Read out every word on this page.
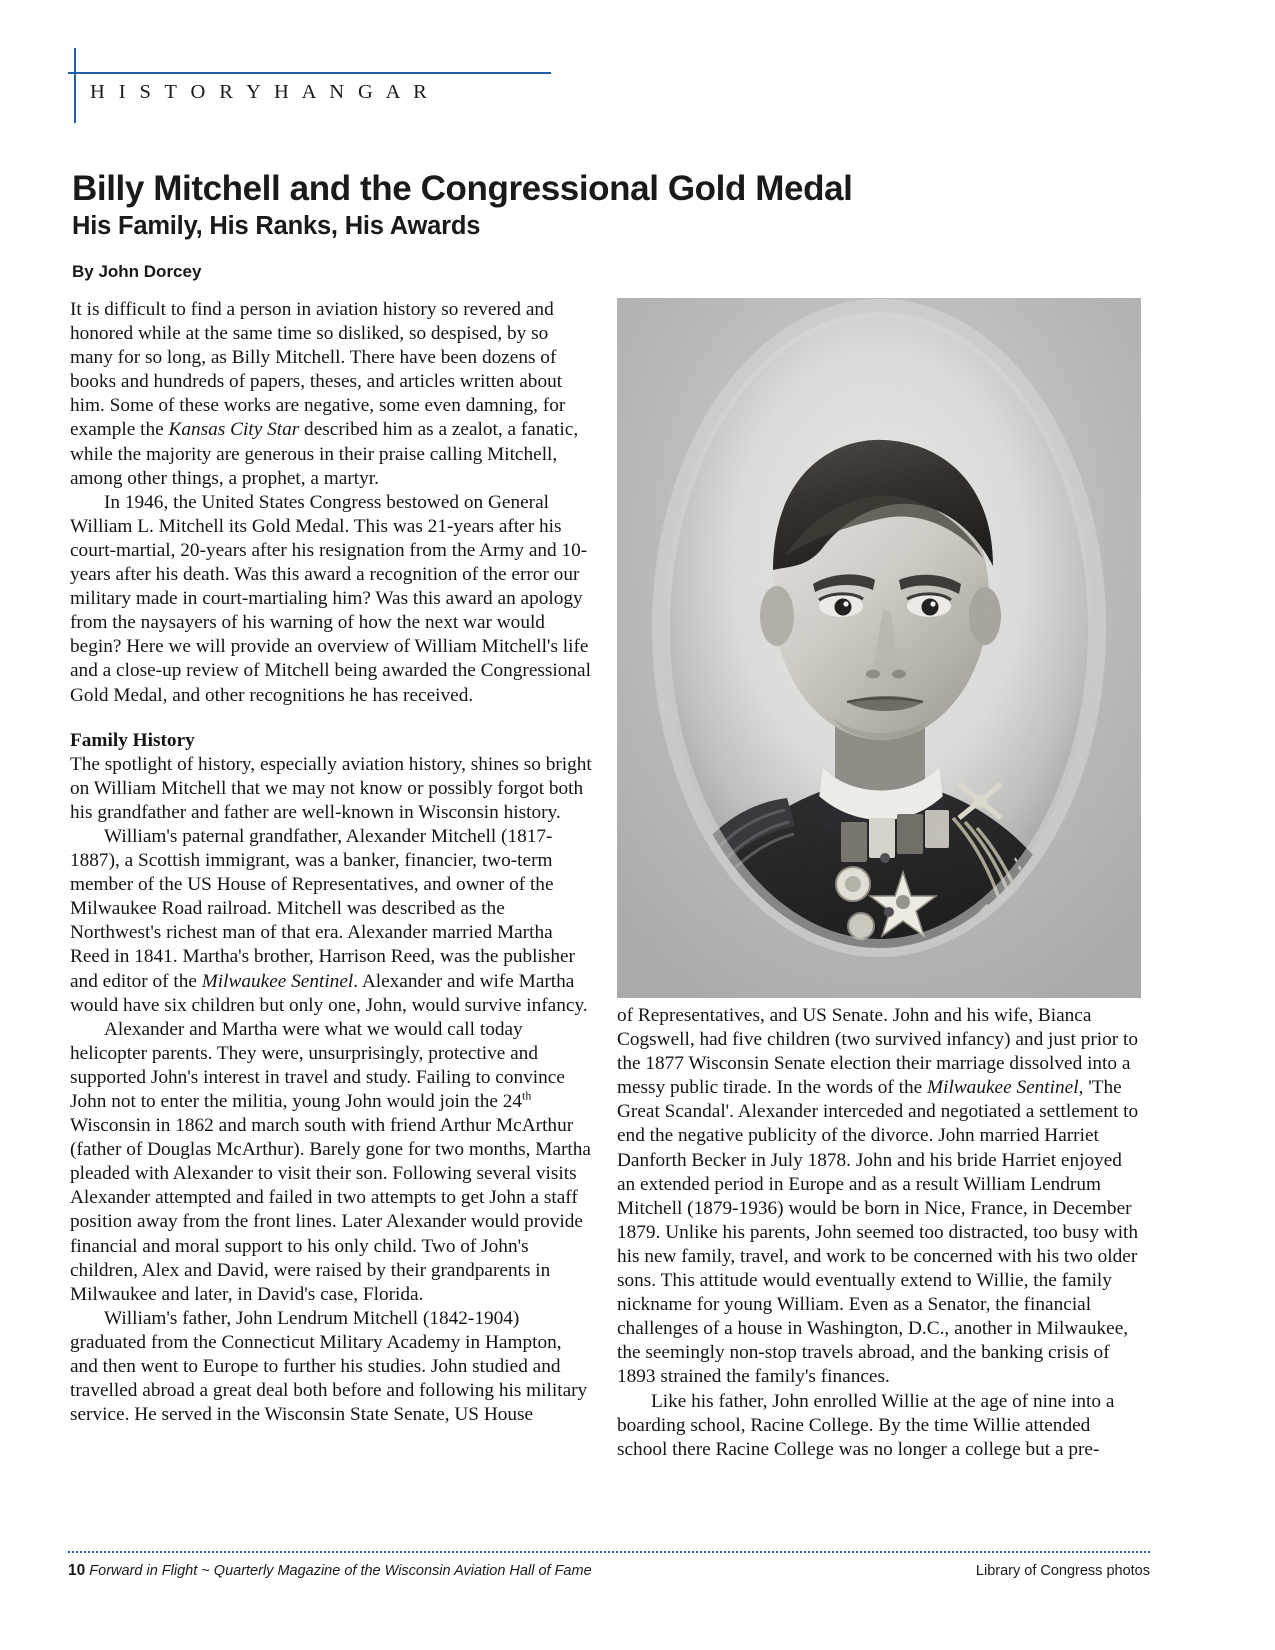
H I S T O R Y H A N G A R
Billy Mitchell and the Congressional Gold Medal
His Family, His Ranks, His Awards
By John Dorcey

It is difficult to find a person in aviation history so revered and honored while at the same time so disliked, so despised, by so many for so long, as Billy Mitchell. There have been dozens of books and hundreds of papers, theses, and articles written about him. Some of these works are negative, some even damning, for example the Kansas City Star described him as a zealot, a fanatic, while the majority are generous in their praise calling Mitchell, among other things, a prophet, a martyr.

In 1946, the United States Congress bestowed on General William L. Mitchell its Gold Medal. This was 21-years after his court-martial, 20-years after his resignation from the Army and 10-years after his death. Was this award a recognition of the error our military made in court-martialing him? Was this award an apology from the naysayers of his warning of how the next war would begin? Here we will provide an overview of William Mitchell's life and a close-up review of Mitchell being awarded the Congressional Gold Medal, and other recognitions he has received.

Family History

The spotlight of history, especially aviation history, shines so bright on William Mitchell that we may not know or possibly forgot both his grandfather and father are well-known in Wisconsin history.

William's paternal grandfather, Alexander Mitchell (1817-1887), a Scottish immigrant, was a banker, financier, two-term member of the US House of Representatives, and owner of the Milwaukee Road railroad. Mitchell was described as the Northwest's richest man of that era. Alexander married Martha Reed in 1841. Martha's brother, Harrison Reed, was the publisher and editor of the Milwaukee Sentinel. Alexander and wife Martha would have six children but only one, John, would survive infancy.

Alexander and Martha were what we would call today helicopter parents. They were, unsurprisingly, protective and supported John's interest in travel and study. Failing to convince John not to enter the militia, young John would join the 24th Wisconsin in 1862 and march south with friend Arthur McArthur (father of Douglas McArthur). Barely gone for two months, Martha pleaded with Alexander to visit their son. Following several visits Alexander attempted and failed in two attempts to get John a staff position away from the front lines. Later Alexander would provide financial and moral support to his only child. Two of John's children, Alex and David, were raised by their grandparents in Milwaukee and later, in David's case, Florida.

William's father, John Lendrum Mitchell (1842-1904) graduated from the Connecticut Military Academy in Hampton, and then went to Europe to further his studies. John studied and travelled abroad a great deal both before and following his military service. He served in the Wisconsin State Senate, US House

of Representatives, and US Senate. John and his wife, Bianca Cogswell, had five children (two survived infancy) and just prior to the 1877 Wisconsin Senate election their marriage dissolved into a messy public tirade. In the words of the Milwaukee Sentinel, 'The Great Scandal'. Alexander interceded and negotiated a settlement to end the negative publicity of the divorce. John married Harriet Danforth Becker in July 1878. John and his bride Harriet enjoyed an extended period in Europe and as a result William Lendrum Mitchell (1879-1936) would be born in Nice, France, in December 1879. Unlike his parents, John seemed too distracted, too busy with his new family, travel, and work to be concerned with his two older sons. This attitude would eventually extend to Willie, the family nickname for young William. Even as a Senator, the financial challenges of a house in Washington, D.C., another in Milwaukee, the seemingly non-stop travels abroad, and the banking crisis of 1893 strained the family's finances.

Like his father, John enrolled Willie at the age of nine into a boarding school, Racine College. By the time Willie attended school there Racine College was no longer a college but a pre-

10 Forward in Flight ~ Quarterly Magazine of the Wisconsin Aviation Hall of Fame	Library of Congress photos
